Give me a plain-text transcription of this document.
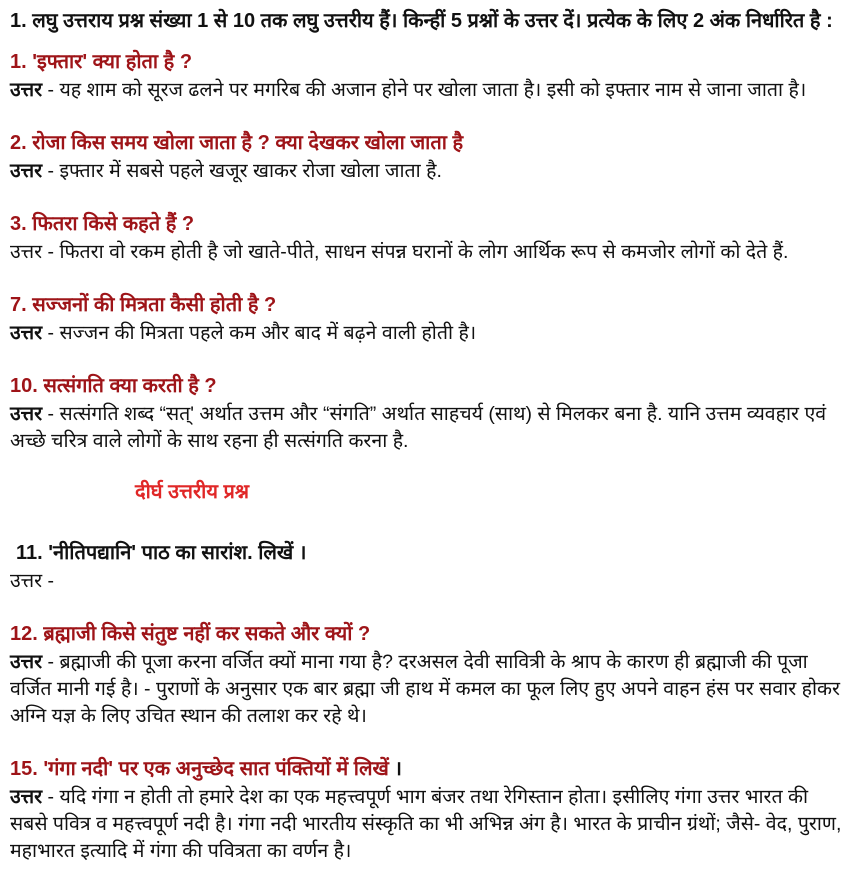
1. लघु उत्तराय प्रश्न संख्या 1 से 10 तक लघु उत्तरीय हैं। किन्हीं 5 प्रश्नों के उत्तर दें। प्रत्येक के लिए 2 अंक निर्धारित है :

1. 'इफ्तार' क्या होता है ?

उत्तर - यह शाम को सूरज ढलने पर मगरिब की अजान होने पर खोला जाता है। इसी को इफ्तार नाम से जाना जाता है।

2. रोजा किस समय खोला जाता है ? क्या देखकर खोला जाता है

उत्तर - इफ्तार में सबसे पहले खजूर खाकर रोजा खोला जाता है.

3. फितरा किसे कहते हैं ?

उत्तर - फितरा वो रकम होती है जो खाते-पीते, साधन संपन्न घरानों के लोग आर्थिक रूप से कमजोर लोगों को देते हैं.

7. सज्जनों की मित्रता कैसी होती है ?

उत्तर - सज्जन की मित्रता पहले कम और बाद में बढ़ने वाली होती है।

10. सत्संगति क्या करती है ?

उत्तर - सत्संगति शब्द “सत्' अर्थात उत्तम और “संगति” अर्थात साहचर्य (साथ) से मिलकर बना है. यानि उत्तम व्यवहार एवं अच्छे चरित्र वाले लोगों के साथ रहना ही सत्संगति करना है.

दीर्घ उत्तरीय प्रश्न
11. 'नीतिपद्यानि' पाठ का सारांश. लिखें ।

उत्तर -

12. ब्रह्माजी किसे संतुष्ट नहीं कर सकते और क्यों ?

उत्तर - ब्रह्माजी की पूजा करना वर्जित क्यों माना गया है? दरअसल देवी सावित्री के श्राप के कारण ही ब्रह्माजी की पूजा वर्जित मानी गई है। - पुराणों के अनुसार एक बार ब्रह्मा जी हाथ में कमल का फूल लिए हुए अपने वाहन हंस पर सवार होकर अग्नि यज्ञ के लिए उचित स्थान की तलाश कर रहे थे।

15. 'गंगा नदी' पर एक अनुच्छेद सात पंक्तियों में लिखें ।

उत्तर - यदि गंगा न होती तो हमारे देश का एक महत्त्वपूर्ण भाग बंजर तथा रेगिस्तान होता। इसीलिए गंगा उत्तर भारत की सबसे पवित्र व महत्त्वपूर्ण नदी है। गंगा नदी भारतीय संस्कृति का भी अभिन्न अंग है। भारत के प्राचीन ग्रंथों; जैसे- वेद, पुराण, महाभारत इत्यादि में गंगा की पवित्रता का वर्णन है।
